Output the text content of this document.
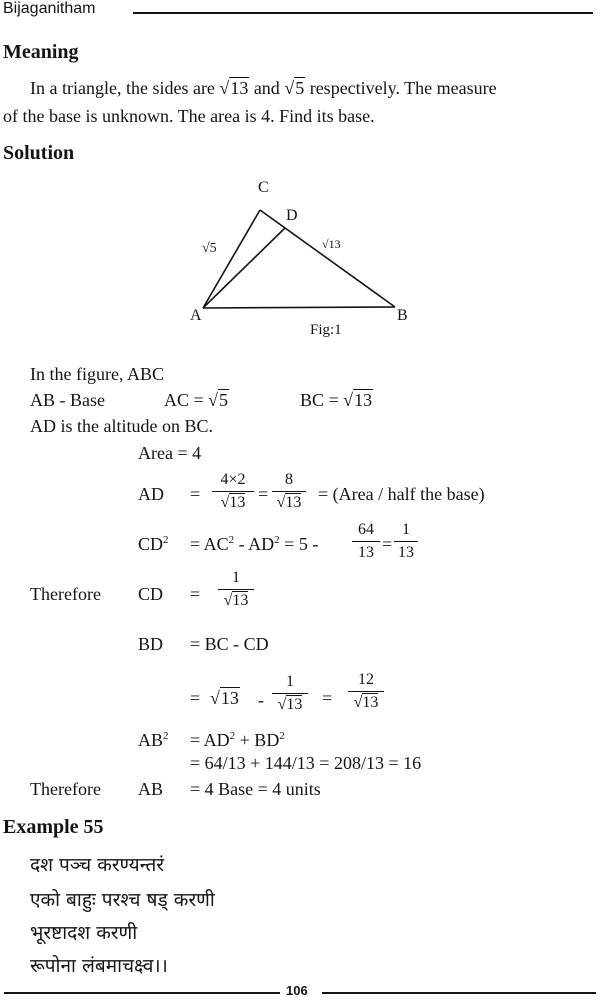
Bijaganitham
Meaning
In a triangle, the sides are √13 and √5 respectively. The measure
of the base is unknown. The area is 4. Find its base.
Solution
C
D
A	B
√5	√13
Fig:1
In the figure, ABC
AB - Base	AC = √5	BC = √13
AD is the altitude on BC.
Area = 4
AD =
4×2
√13 =
8
√13 = (Area / half the base)
$CD^2 = AC^2 - AD^2 = 5$ -
64
13 =
1
13
Therefore CD =
1
√13
BD = BC - CD
= √13 -
1
√13	=
12
√13
$AB^2 = AD^2 + BD^2$
= 64/13 + 144/13 = 208/13 = 16
Therefore AB = 4 Base = 4 units
Example 55
दश पञ्च करण्यन्तरं
एको बाहुः परश्च षड् करणी
भूरष्टादश करणी
रूपोना लंबमाचक्ष्व।।
106
